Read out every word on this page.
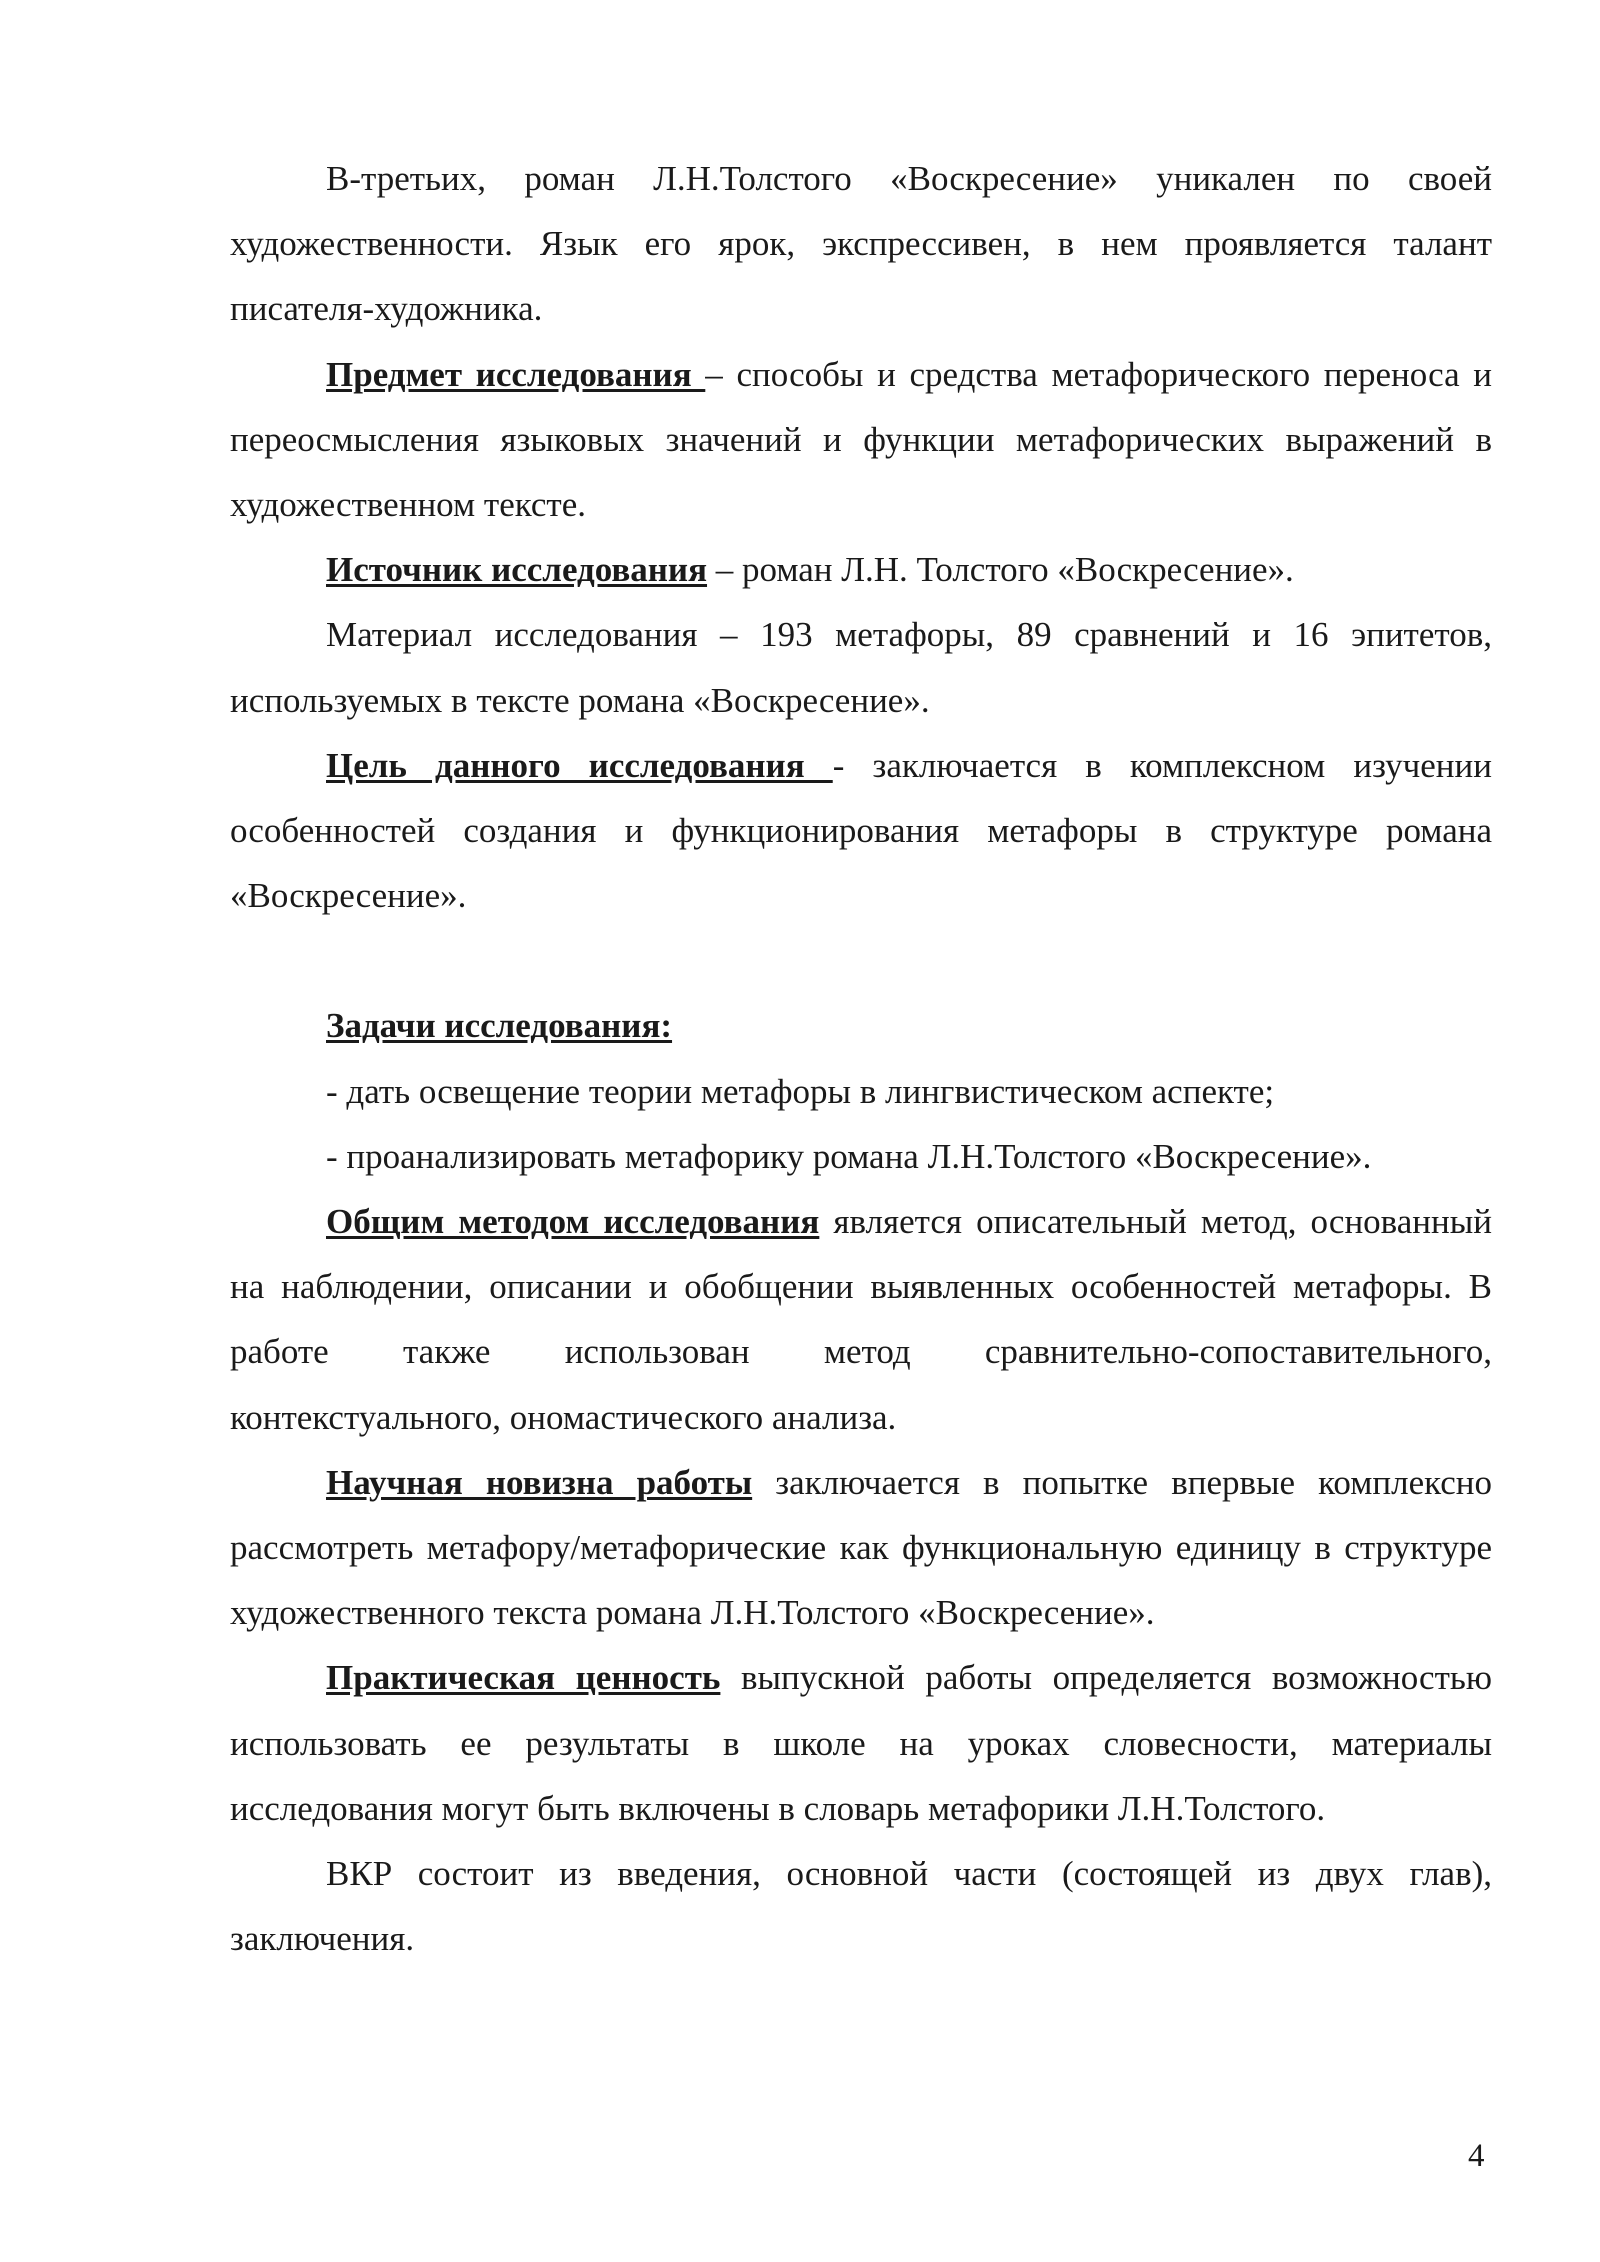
В-третьих, роман Л.Н.Толстого «Воскресение» уникален по своей художественности. Язык его ярок, экспрессивен, в нем проявляется талант писателя-художника.

Предмет исследования – способы и средства метафорического переноса и переосмысления языковых значений и функции метафорических выражений в художественном тексте.

Источник исследования – роман Л.Н. Толстого «Воскресение».

Материал исследования – 193 метафоры, 89 сравнений и 16 эпитетов, используемых в тексте романа «Воскресение».

Цель данного исследования - заключается в комплексном изучении особенностей создания и функционирования метафоры в структуре романа «Воскресение».

Задачи исследования:

- дать освещение теории метафоры в лингвистическом аспекте;

- проанализировать метафорику романа Л.Н.Толстого «Воскресение».

Общим методом исследования является описательный метод, основанный на наблюдении, описании и обобщении выявленных особенностей метафоры. В работе также использован метод сравнительно-сопоставительного, контекстуального, ономастического анализа.

Научная новизна работы заключается в попытке впервые комплексно рассмотреть метафору/метафорические как функциональную единицу в структуре художественного текста романа Л.Н.Толстого «Воскресение».

Практическая ценность выпускной работы определяется возможностью использовать ее результаты в школе на уроках словесности, материалы исследования могут быть включены в словарь метафорики Л.Н.Толстого.

ВКР состоит из введения, основной части (состоящей из двух глав), заключения.

4
